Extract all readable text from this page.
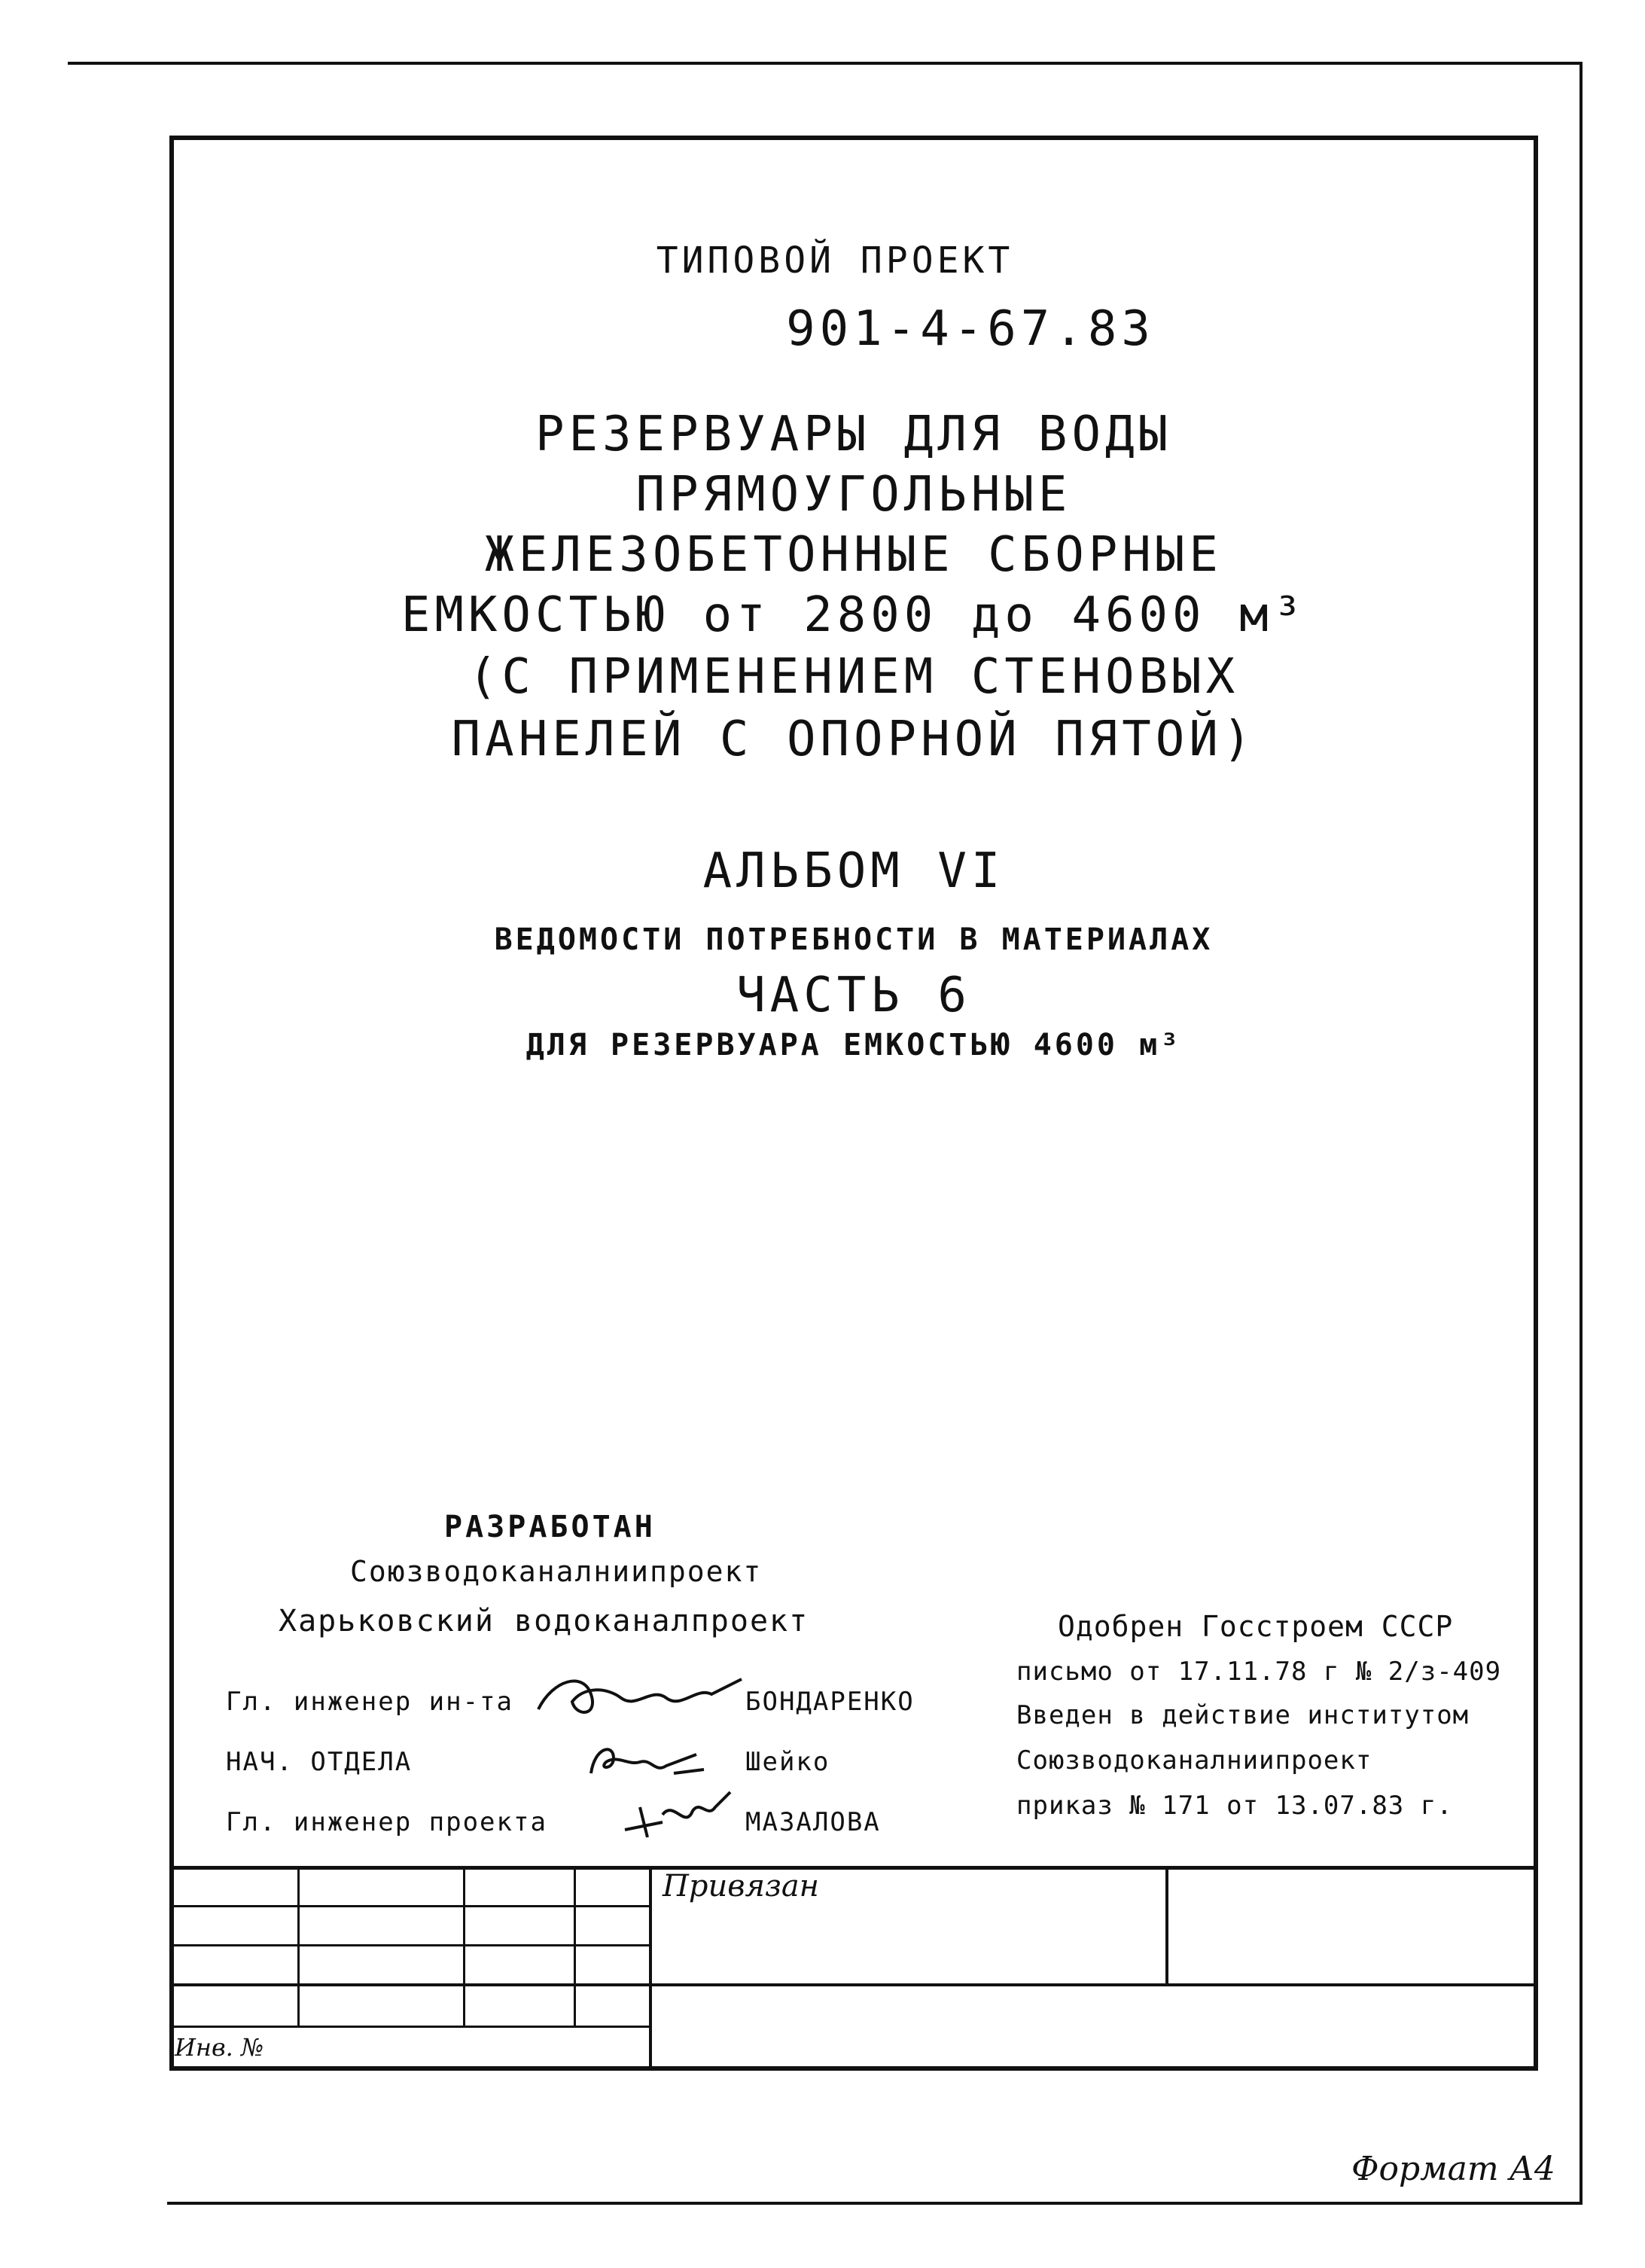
ТИПОВОЙ ПРОЕКТ
901-4-67.83
РЕЗЕРВУАРЫ ДЛЯ ВОДЫ
ПРЯМОУГОЛЬНЫЕ
ЖЕЛЕЗОБЕТОННЫЕ СБОРНЫЕ
ЕМКОСТЬЮ от 2800 до 4600 м³
(С ПРИМЕНЕНИЕМ СТЕНОВЫХ
ПАНЕЛЕЙ С ОПОРНОЙ ПЯТОЙ)
АЛЬБОМ VI
ВЕДОМОСТИ ПОТРЕБНОСТИ В МАТЕРИАЛАХ
ЧАСТЬ 6
ДЛЯ РЕЗЕРВУАРА ЕМКОСТЬЮ 4600 м³
РАЗРАБОТАН
Союзводоканалниипроект
Харьковский водоканалпроект	Одобрен Госстроем СССР
письмо от 17.11.78 г № 2/з-409
Введен в действие институтом
Союзводоканалниипроект
приказ № 171 от 13.07.83 г.
Гл. инженер ин-та	БОНДАРЕНКО
НАЧ. ОТДЕЛА	Шейко
Гл. инженер проекта	МАЗАЛОВА
Привязан
Инв. №
Формат А4
